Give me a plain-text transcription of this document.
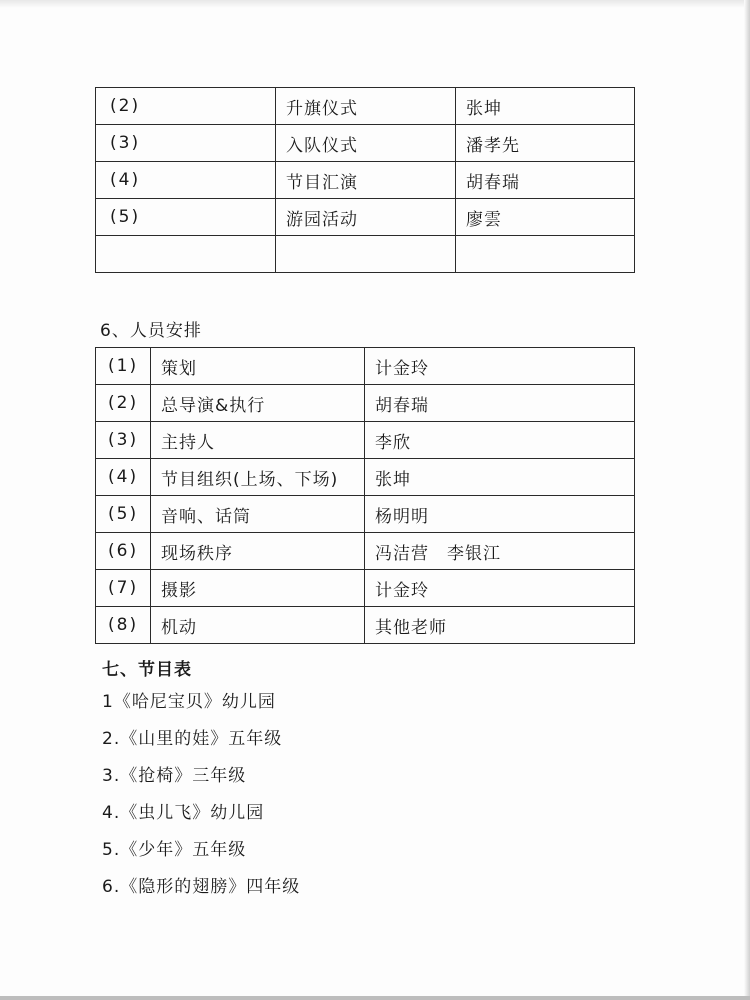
(2)	升旗仪式	张坤
(3)	入队仪式	潘孝先
(4)	节目汇演	胡春瑞
(5)	游园活动	廖雲

6、人员安排
(1)	策划	计金玲
(2)	总导演&执行	胡春瑞
(3)	主持人	李欣
(4)	节目组织(上场、下场)	张坤
(5)	音响、话筒	杨明明
(6)	现场秩序	冯洁营　李银江
(7)	摄影	计金玲
(8)	机动	其他老师
七、节目表
1《哈尼宝贝》幼儿园
2.《山里的娃》五年级
3.《抢椅》三年级
4.《虫儿飞》幼儿园
5.《少年》五年级
6.《隐形的翅膀》四年级
